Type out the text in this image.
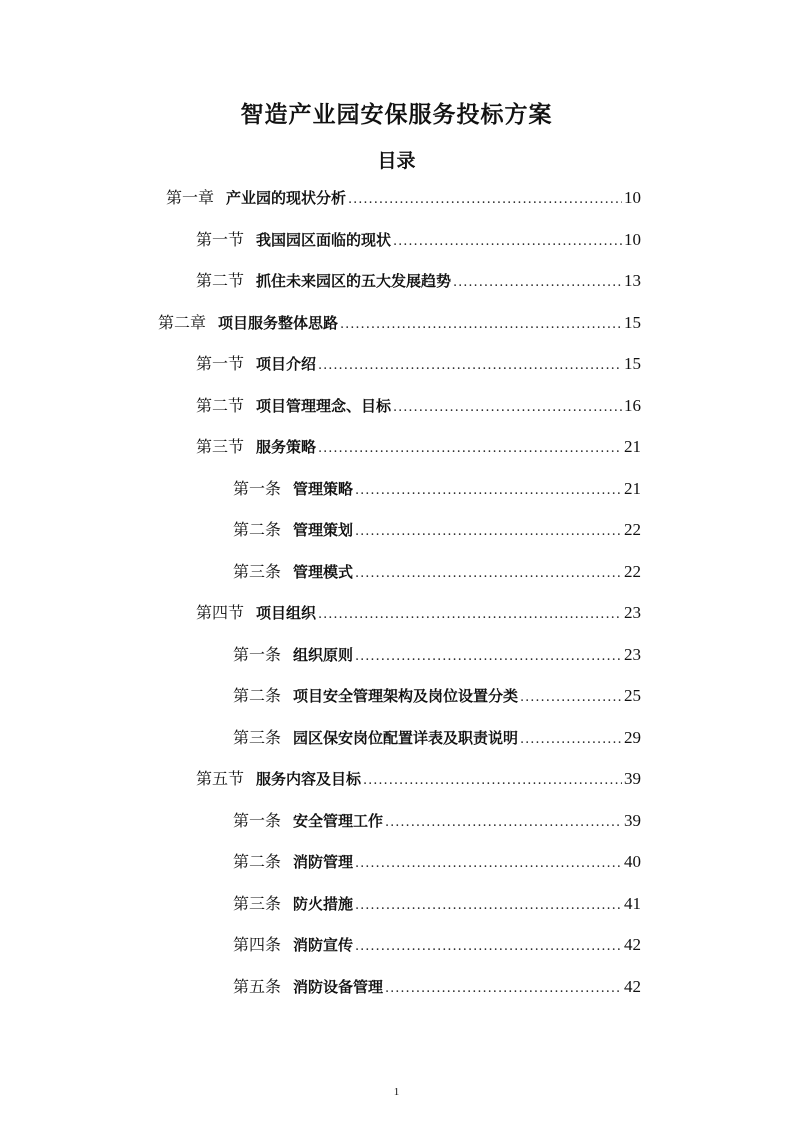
智造产业园安保服务投标方案
目录
第一章 产业园的现状分析 .....	10
第一节 我国园区面临的现状 .....	10
第二节 抓住未来园区的五大发展趋势 .....	13
第二章 项目服务整体思路 .....	15
第一节 项目介绍 .....	15
第二节 项目管理理念、目标 .....	16
第三节 服务策略 .....	21
第一条 管理策略 .....	21
第二条 管理策划 .....	22
第三条 管理模式 .....	22
第四节 项目组织 .....	23
第一条 组织原则 .....	23
第二条 项目安全管理架构及岗位设置分类 .....	25
第三条 园区保安岗位配置详表及职责说明 .....	29
第五节 服务内容及目标 .....	39
第一条 安全管理工作 .....	39
第二条 消防管理 .....	40
第三条 防火措施 .....	41
第四条 消防宣传 .....	42
第五条 消防设备管理 .....	42
1
